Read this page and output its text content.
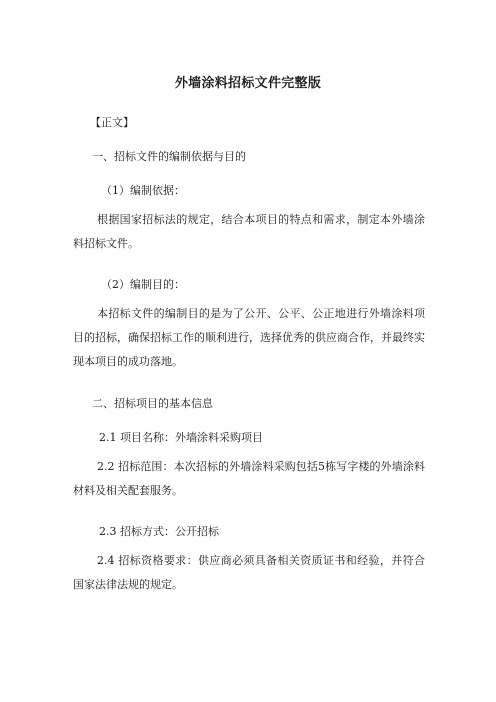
外墙涂料招标文件完整版
【正文】
一、招标文件的编制依据与目的
（1）编制依据：
根据国家招标法的规定，结合本项目的特点和需求，制定本外墙涂料招标文件。
（2）编制目的：
本招标文件的编制目的是为了公开、公平、公正地进行外墙涂料项目的招标，确保招标工作的顺利进行，选择优秀的供应商合作，并最终实现本项目的成功落地。
二、招标项目的基本信息
2.1 项目名称：外墙涂料采购项目
2.2 招标范围：本次招标的外墙涂料采购包括5栋写字楼的外墙涂料材料及相关配套服务。
2.3 招标方式：公开招标
2.4 招标资格要求：供应商必须具备相关资质证书和经验，并符合国家法律法规的规定。
